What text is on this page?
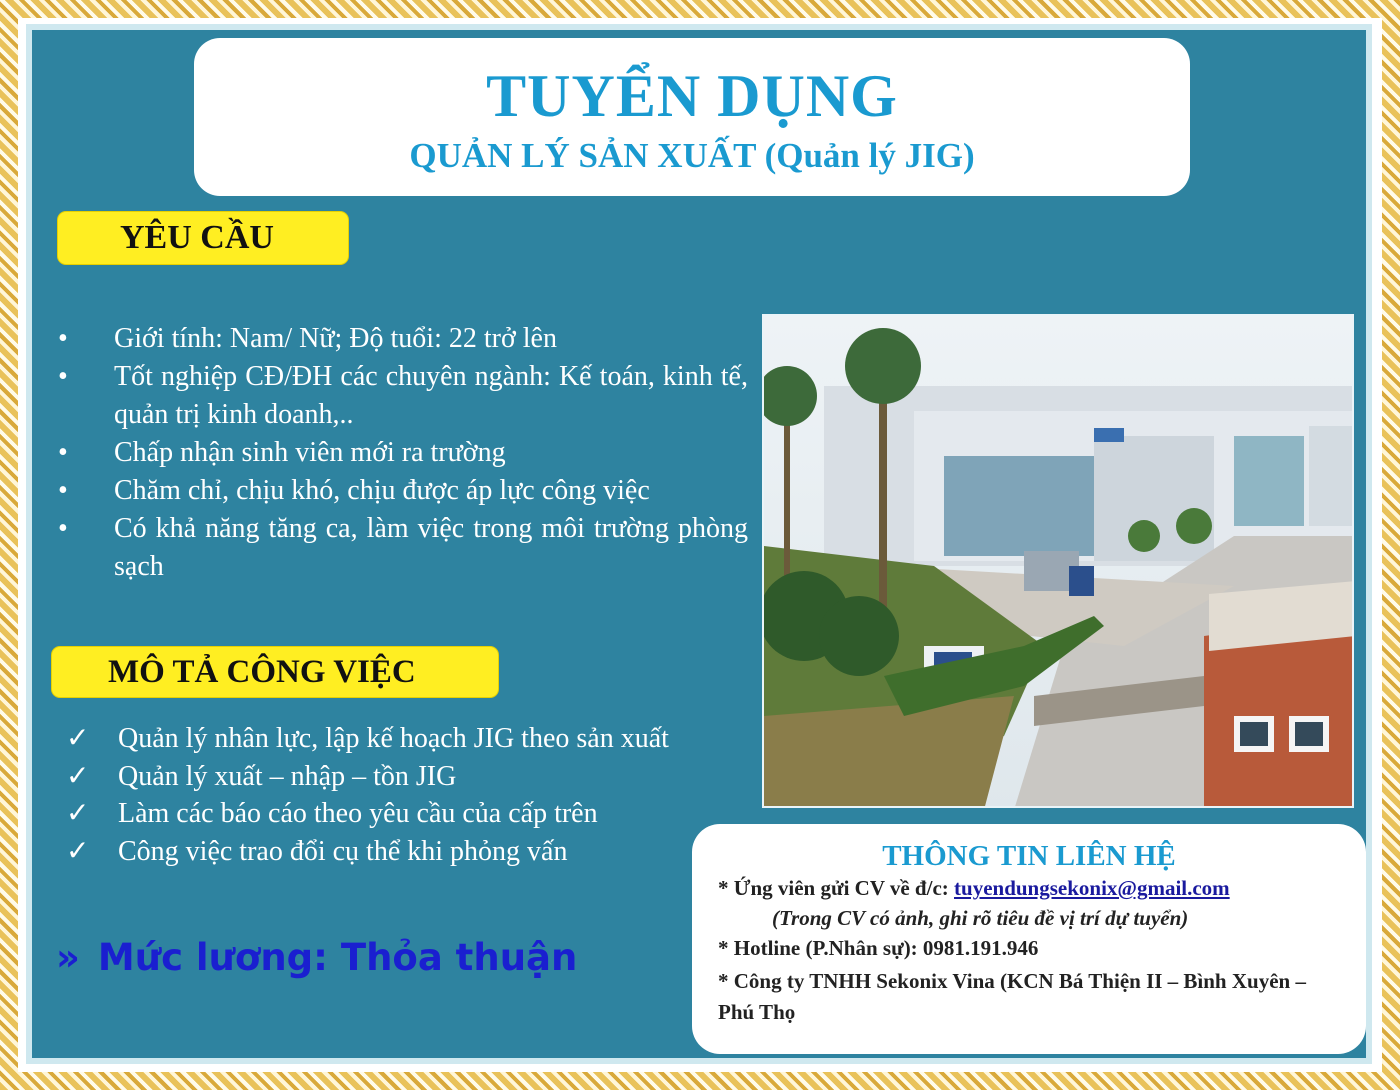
TUYỂN DỤNG
QUẢN LÝ SẢN XUẤT (Quản lý JIG)
YÊU CẦU
•	Giới tính: Nam/ Nữ; Độ tuổi: 22 trở lên
•	Tốt nghiệp CĐ/ĐH các chuyên ngành: Kế toán, kinh tế, quản trị kinh doanh,..
•	Chấp nhận sinh viên mới ra trường
•	Chăm chỉ, chịu khó, chịu được áp lực công việc
•	Có khả năng tăng ca, làm việc trong môi trường phòng sạch
MÔ TẢ CÔNG VIỆC
✓	Quản lý nhân lực, lập kế hoạch JIG theo sản xuất
✓	Quản lý xuất – nhập – tồn JIG
✓	Làm các báo cáo theo yêu cầu của cấp trên
✓	Công việc trao đổi cụ thể khi phỏng vấn
» Mức lương: Thỏa thuận
THÔNG TIN LIÊN HỆ
* Ứng viên gửi CV về đ/c: tuyendungsekonix@gmail.com
(Trong CV có ảnh, ghi rõ tiêu đề vị trí dự tuyển)
* Hotline (P.Nhân sự): 0981.191.946
* Công ty TNHH Sekonix Vina (KCN Bá Thiện II – Bình Xuyên – Phú Thọ
